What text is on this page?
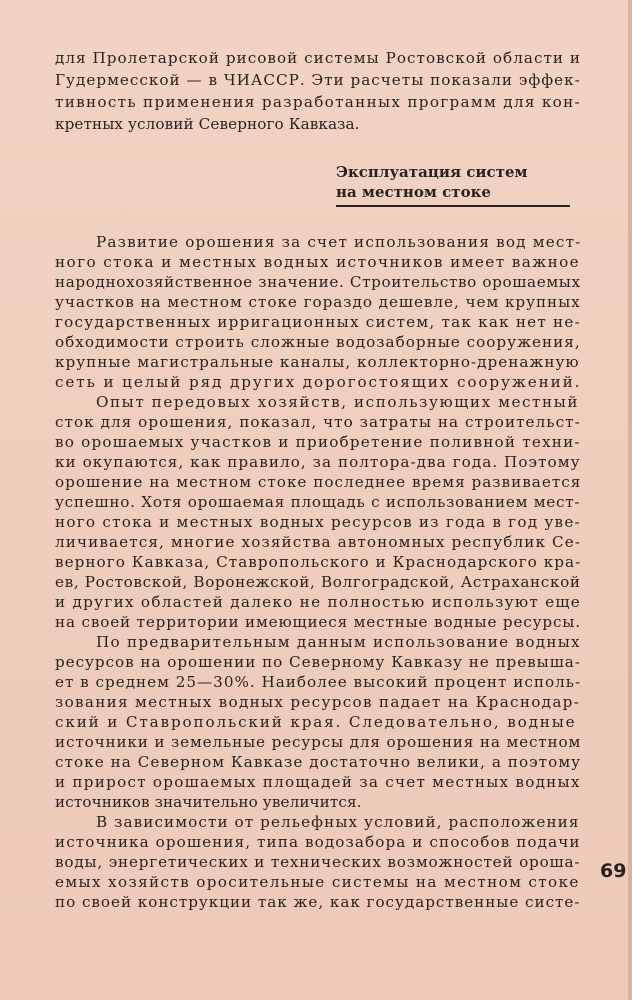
для Пролетарской рисовой системы Ростовской области и
Гудермесской — в ЧИАССР. Эти расчеты показали эффек-
тивность применения разработанных программ для кон-
кретных условий Северного Кавказа.
Эксплуатация систем
на местном стоке
Развитие орошения за счет использования вод мест-
ного стока и местных водных источников имеет важное
народнохозяйственное значение. Строительство орошаемых
участков на местном стоке гораздо дешевле, чем крупных
государственных ирригационных систем, так как нет не-
обходимости строить сложные водозаборные сооружения,
крупные магистральные каналы, коллекторно-дренажную
сеть и целый ряд других дорогостоящих сооружений.
Опыт передовых хозяйств, использующих местный
сток для орошения, показал, что затраты на строительст-
во орошаемых участков и приобретение поливной техни-
ки окупаются, как правило, за полтора-два года. Поэтому
орошение на местном стоке последнее время развивается
успешно. Хотя орошаемая площадь с использованием мест-
ного стока и местных водных ресурсов из года в год уве-
личивается, многие хозяйства автономных республик Се-
верного Кавказа, Ставропольского и Краснодарского кра-
ев, Ростовской, Воронежской, Волгоградской, Астраханской
и других областей далеко не полностью используют еще
на своей территории имеющиеся местные водные ресурсы.
По предварительным данным использование водных
ресурсов на орошении по Северному Кавказу не превыша-
ет в среднем 25—30%. Наиболее высокий процент исполь-
зования местных водных ресурсов падает на Краснодар-
ский и Ставропольский края. Следовательно, водные
источники и земельные ресурсы для орошения на местном
стоке на Северном Кавказе достаточно велики, а поэтому
и прирост орошаемых площадей за счет местных водных
источников значительно увеличится.
В зависимости от рельефных условий, расположения
источника орошения, типа водозабора и способов подачи
воды, энергетических и технических возможностей ороша-
емых хозяйств оросительные системы на местном стоке
по своей конструкции так же, как государственные систе-
69
